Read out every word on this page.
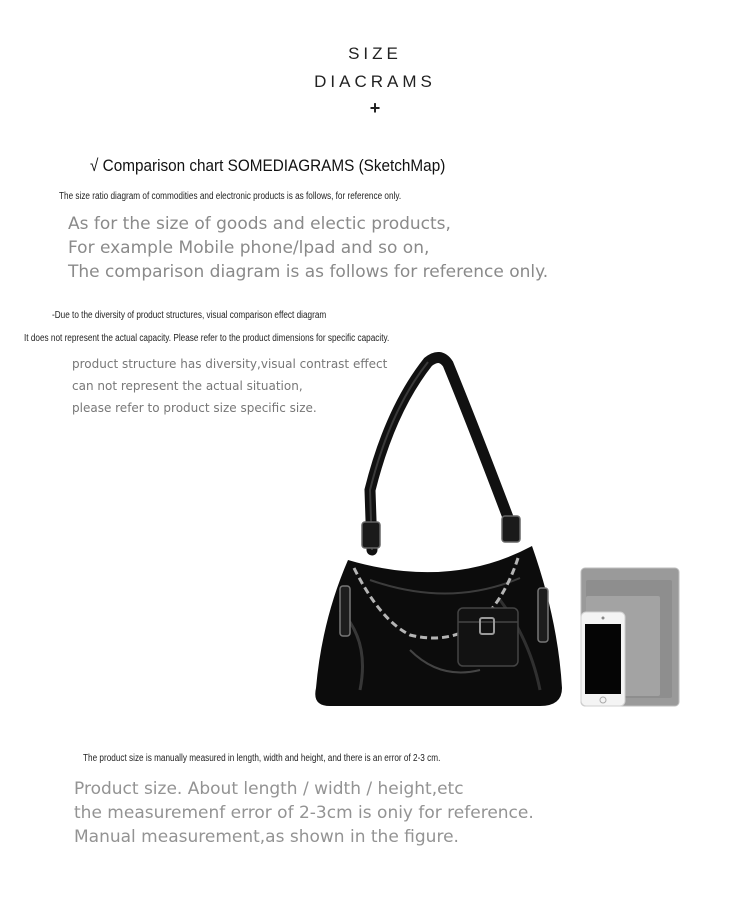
SIZE
DIACRAMS
+
√ Comparison chart SOMEDIAGRAMS (SketchMap)
The size ratio diagram of commodities and electronic products is as follows, for reference only.
As for the size of goods and electic products,
For example Mobile phone/lpad and so on,
The comparison diagram is as follows for reference only.
-Due to the diversity of product structures, visual comparison effect diagram
It does not represent the actual capacity. Please refer to the product dimensions for specific capacity.
product structure has diversity,visual contrast effect
can not represent the actual situation,
please refer to product size specific size.
The product size is manually measured in length, width and height, and there is an error of 2-3 cm.
Product size. About length / width / height,etc
the measuremenf error of 2-3cm is oniy for reference.
Manual measurement,as shown in the figure.
